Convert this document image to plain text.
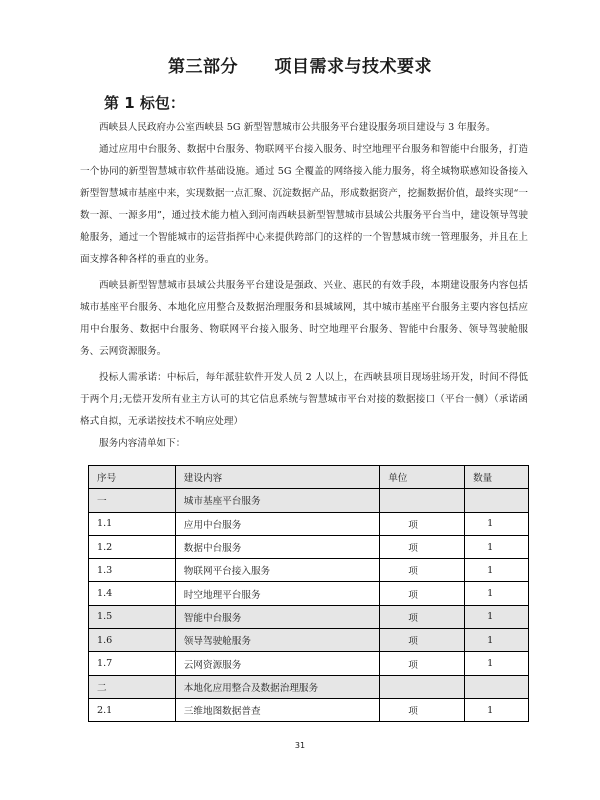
第三部分 项目需求与技术要求
第 1 标包：

西峡县人民政府办公室西峡县 5G 新型智慧城市公共服务平台建设服务项目建设与 3 年服务。

通过应用中台服务、数据中台服务、物联网平台接入服务、时空地理平台服务和智能中台服务，打造一个协同的新型智慧城市软件基础设施。通过 5G 全覆盖的网络接入能力服务，将全城物联感知设备接入新型智慧城市基座中来，实现数据一点汇聚、沉淀数据产品，形成数据资产，挖掘数据价值，最终实现“一数一源、一源多用”，通过技术能力植入到河南西峡县新型智慧城市县域公共服务平台当中，建设领导驾驶舱服务，通过一个智能城市的运营指挥中心来提供跨部门的这样的一个智慧城市统一管理服务，并且在上面支撑各种各样的垂直的业务。

西峡县新型智慧城市县域公共服务平台建设是强政、兴业、惠民的有效手段，本期建设服务内容包括城市基座平台服务、本地化应用整合及数据治理服务和县城域网，其中城市基座平台服务主要内容包括应用中台服务、数据中台服务、物联网平台接入服务、时空地理平台服务、智能中台服务、领导驾驶舱服务、云网资源服务。

投标人需承诺：中标后，每年派驻软件开发人员 2 人以上，在西峡县项目现场驻场开发，时间不得低于两个月;无偿开发所有业主方认可的其它信息系统与智慧城市平台对接的数据接口（平台一侧）（承诺函格式自拟，无承诺按技术不响应处理）

服务内容清单如下：

序号	建设内容	单位	数量
一	城市基座平台服务		
1.1	应用中台服务	项	1
1.2	数据中台服务	项	1
1.3	物联网平台接入服务	项	1
1.4	时空地理平台服务	项	1
1.5	智能中台服务	项	1
1.6	领导驾驶舱服务	项	1
1.7	云网资源服务	项	1
二	本地化应用整合及数据治理服务		
2.1	三维地图数据普查	项	1
31
